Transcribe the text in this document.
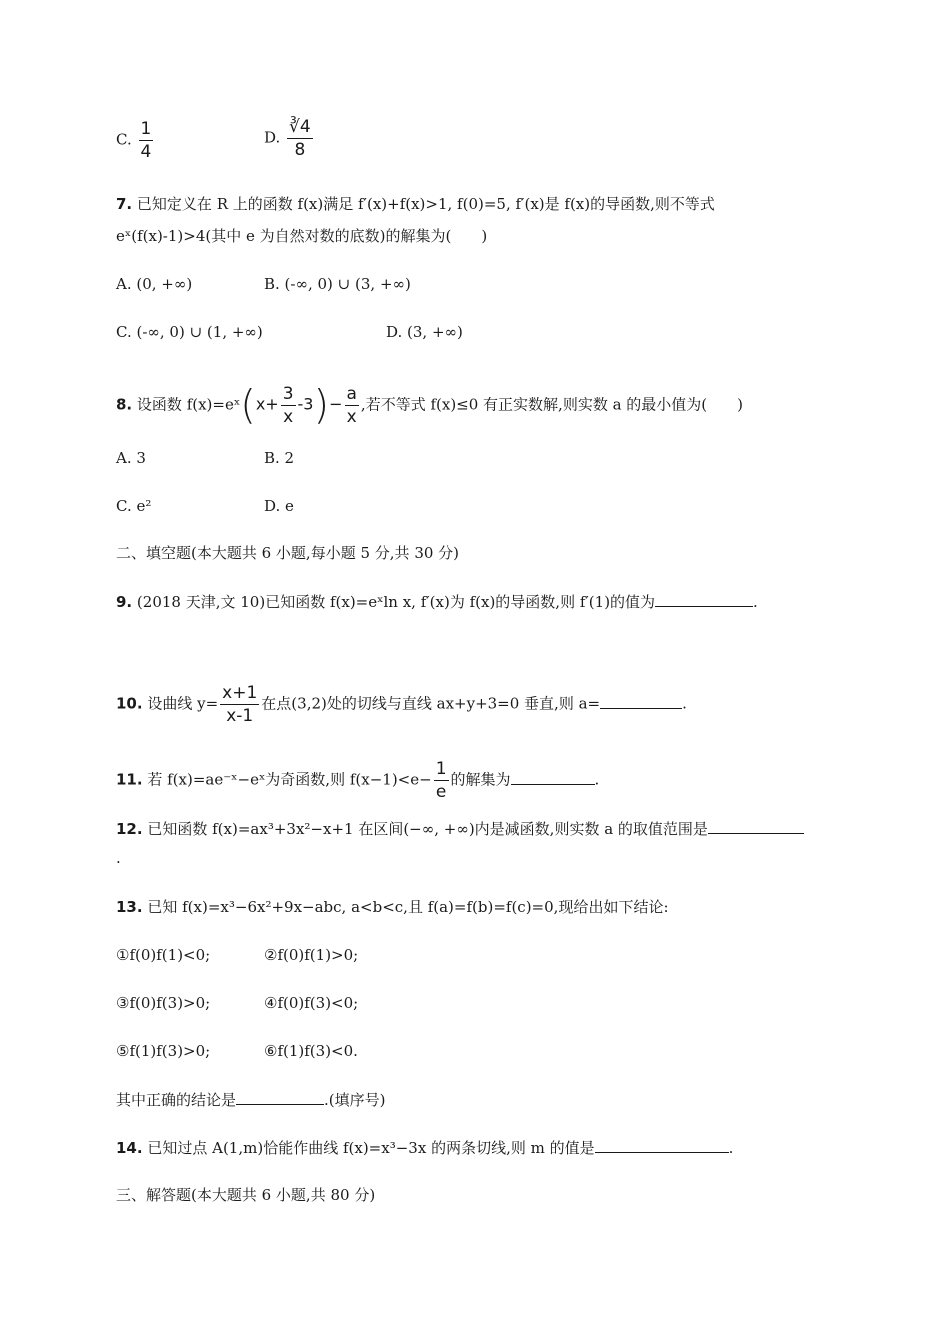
C. $\frac{1}{4}$	D. $\frac{∛4}{8}$
7. 已知定义在 R 上的函数 f(x)满足 f′(x)+f(x)>1, f(0)=5, f′(x)是 f(x)的导函数,则不等式
eˣ(f(x)-1)>4(其中 e 为自然对数的底数)的解集为(　　)
A. (0, +∞)	B. (-∞, 0) ∪ (3, +∞)
C. (-∞, 0) ∪ (1, +∞)	D. (3, +∞)
8. 设函数 f(x)=eˣ(x+ $\frac{3}{x} -3)- \frac{a}{x}$ ,若不等式 f(x)≤0 有正实数解,则实数 a 的最小值为(　　)
A. 3	B. 2
C. e²	D. e
二、填空题(本大题共 6 小题,每小题 5 分,共 30 分)
9. (2018 天津,文 10)已知函数 f(x)=eˣln x, f′(x)为 f(x)的导函数,则 f′(1)的值为	.
10. 设曲线 $y= \frac{x+1}{x-1}$ 在点(3,2)处的切线与直线 ax+y+3=0 垂直,则 a=	.
11. 若 f(x)=ae⁻ˣ−eˣ为奇函数,则 $f(x-1)<e- \frac{1}{e}$ 的解集为	.
12. 已知函数 f(x)=ax³+3x²−x+1 在区间(−∞, +∞)内是减函数,则实数 a 的取值范围是
.
13. 已知 f(x)=x³−6x²+9x−abc, a<b<c,且 f(a)=f(b)=f(c)=0,现给出如下结论:
①f(0)f(1)<0;	②f(0)f(1)>0;
③f(0)f(3)>0;	④f(0)f(3)<0;
⑤f(1)f(3)>0;	⑥f(1)f(3)<0.
其中正确的结论是	.(填序号)
14. 已知过点 A(1,m)恰能作曲线 f(x)=x³−3x 的两条切线,则 m 的值是	.
三、解答题(本大题共 6 小题,共 80 分)
